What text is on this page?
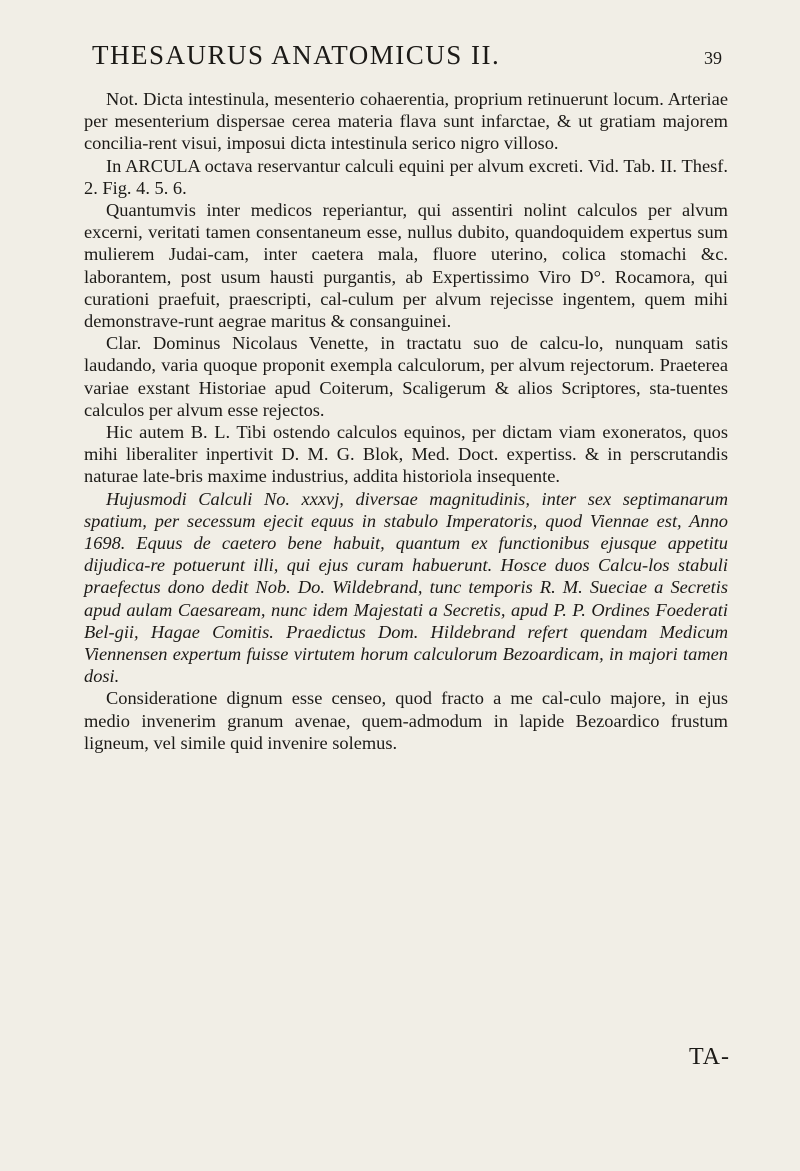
THESAURUS ANATOMICUS II.	39

Not. Dicta intestinula, mesenterio cohaerentia, proprium retinuerunt locum. Arteriae per mesenterium dispersae cerea materia flava sunt infarctae, & ut gratiam majorem concilia-rent visui, imposui dicta intestinula serico nigro villoso.

In ARCULA octava reservantur calculi equini per alvum excreti. Vid. Tab. II. Thesf. 2. Fig. 4. 5. 6.

Quantumvis inter medicos reperiantur, qui assentiri nolint calculos per alvum excerni, veritati tamen consentaneum esse, nullus dubito, quandoquidem expertus sum mulierem Judai-cam, inter caetera mala, fluore uterino, colica stomachi &c. laborantem, post usum hausti purgantis, ab Expertissimo Viro D°. Rocamora, qui curationi praefuit, praescripti, cal-culum per alvum rejecisse ingentem, quem mihi demonstrave-runt aegrae maritus & consanguinei.

Clar. Dominus Nicolaus Venette, in tractatu suo de calcu-lo, nunquam satis laudando, varia quoque proponit exempla calculorum, per alvum rejectorum. Praeterea variae exstant Historiae apud Coiterum, Scaligerum & alios Scriptores, sta-tuentes calculos per alvum esse rejectos.

Hic autem B. L. Tibi ostendo calculos equinos, per dictam viam exoneratos, quos mihi liberaliter inpertivit D. M. G. Blok, Med. Doct. expertiss. & in perscrutandis naturae late-bris maxime industrius, addita historiola insequente.

Hujusmodi Calculi No. xxxvj, diversae magnitudinis, inter sex septimanarum spatium, per secessum ejecit equus in stabulo Imperatoris, quod Viennae est, Anno 1698. Equus de caetero bene habuit, quantum ex functionibus ejusque appetitu dijudica-re potuerunt illi, qui ejus curam habuerunt. Hosce duos Calcu-los stabuli praefectus dono dedit Nob. Do. Wildebrand, tunc temporis R. M. Sueciae a Secretis apud aulam Caesaream, nunc idem Majestati a Secretis, apud P. P. Ordines Foederati Bel-gii, Hagae Comitis. Praedictus Dom. Hildebrand refert quendam Medicum Viennensen expertum fuisse virtutem horum calculorum Bezoardicam, in majori tamen dosi.

Consideratione dignum esse censeo, quod fracto a me cal-culo majore, in ejus medio invenerim granum avenae, quem-admodum in lapide Bezoardico frustum ligneum, vel simile quid invenire solemus.

TA-
